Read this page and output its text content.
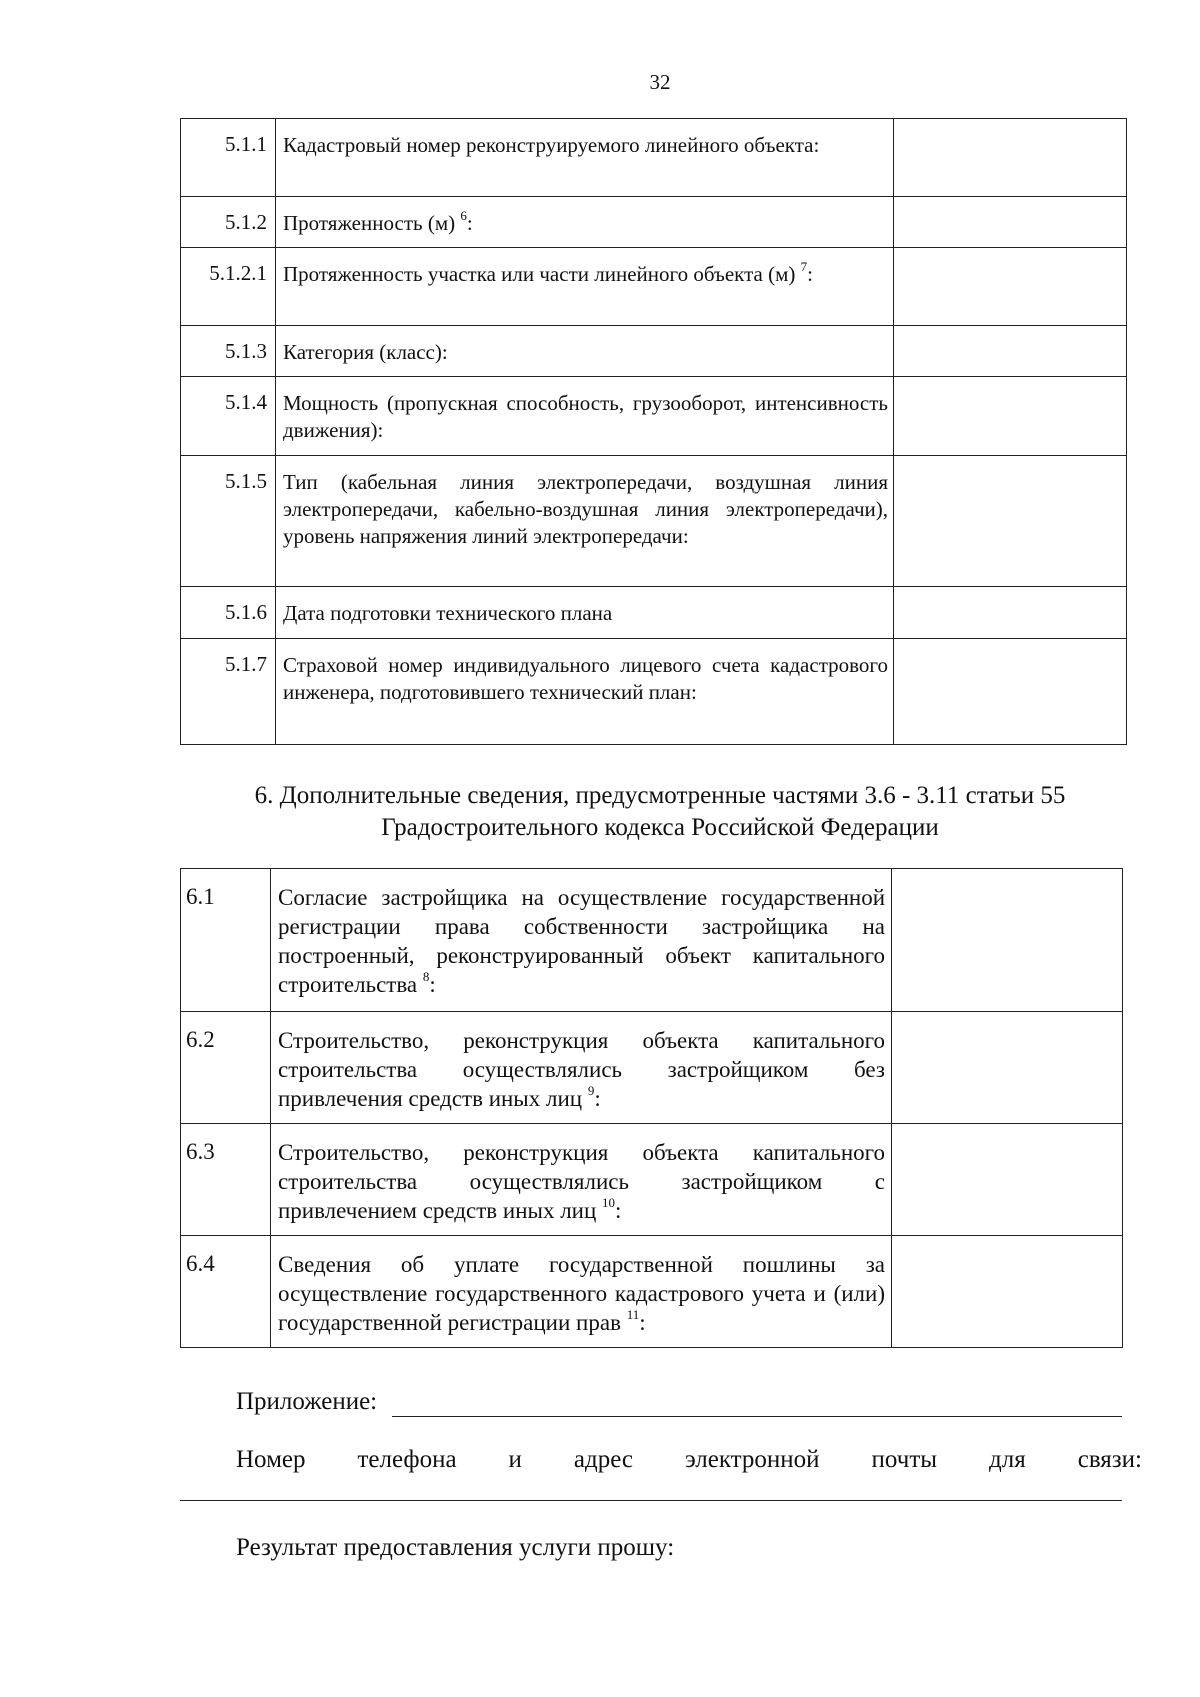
32
5.1.1	Кадастровый номер реконструируемого линейного объекта:	
5.1.2	Протяженность (м) $^6$:	
5.1.2.1	Протяженность участка или части линейного объекта (м) $^7$:	
5.1.3	Категория (класс):	
5.1.4	Мощность (пропускная способность, грузооборот, интенсивность движения):	
5.1.5	Тип (кабельная линия электропередачи, воздушная линия электропередачи, кабельно-воздушная линия электропередачи), уровень напряжения линий электропередачи:	
5.1.6	Дата подготовки технического плана	
5.1.7	Страховой номер индивидуального лицевого счета кадастрового инженера, подготовившего технический план:	
6. Дополнительные сведения, предусмотренные частями 3.6 - 3.11 статьи 55
Градостроительного кодекса Российской Федерации
6.1	Согласие застройщика на осуществление государственной регистрации права собственности застройщика на построенный, реконструированный объект капитального строительства $^8$:	
6.2	Строительство, реконструкция объекта капитального строительства осуществлялись застройщиком без привлечения средств иных лиц $^9$:	
6.3	Строительство, реконструкция объекта капитального строительства осуществлялись застройщиком с привлечением средств иных лиц $^{10}$:	
6.4	Сведения об уплате государственной пошлины за осуществление государственного кадастрового учета и (или) государственной регистрации прав $^{11}$:	
Приложение:
Номер телефона и адрес электронной почты для связи:
Результат предоставления услуги прошу:
